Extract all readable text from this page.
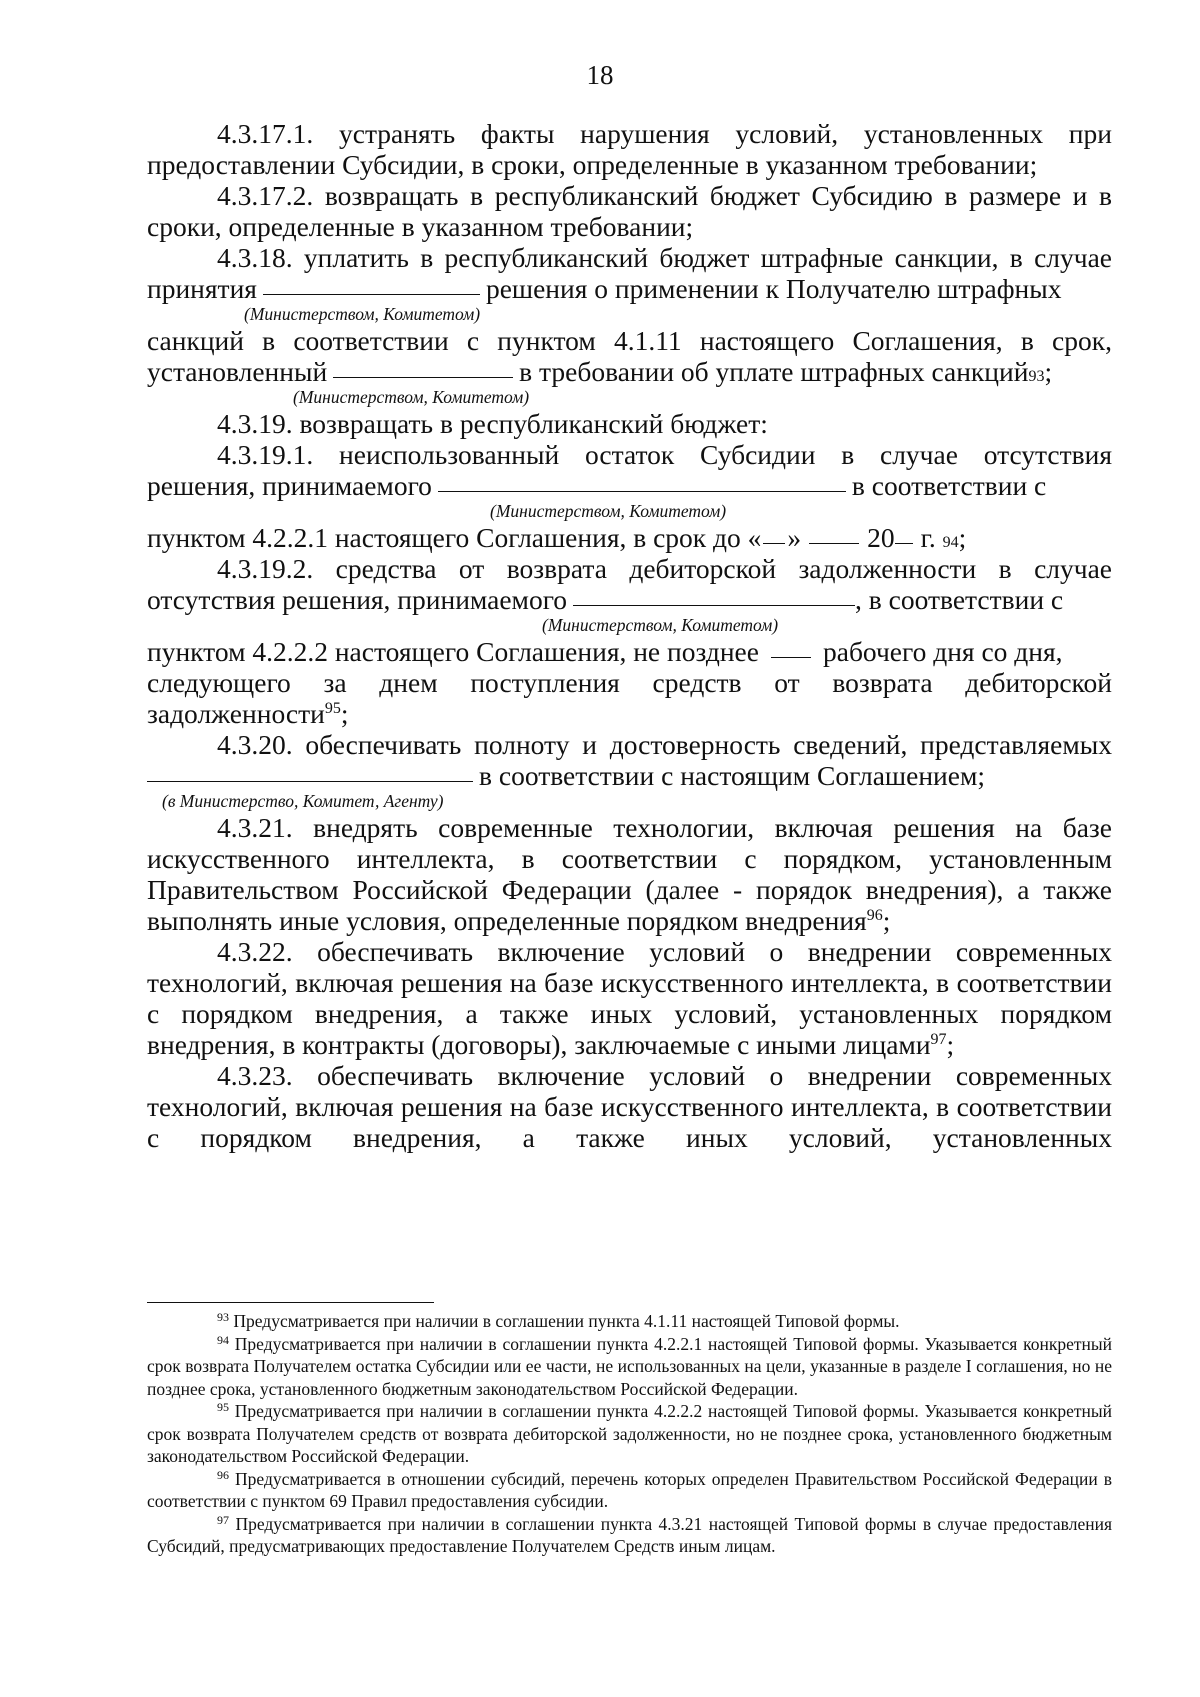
18

4.3.17.1. устранять факты нарушения условий, установленных при предоставлении Субсидии, в сроки, определенные в указанном требовании;

4.3.17.2. возвращать в республиканский бюджет Субсидию в размере и в сроки, определенные в указанном требовании;

4.3.18. уплатить в республиканский бюджет штрафные санкции, в случае

принятия	решения о применении к Получателю штрафных
(Министерством, Комитетом)

санкций в соответствии с пунктом 4.1.11 настоящего Соглашения, в срок,

установленный	в требовании об уплате штрафных санкций 93 ;
(Министерством, Комитетом)

4.3.19. возвращать в республиканский бюджет:

4.3.19.1. неиспользованный остаток Субсидии в случае отсутствия

решения, принимаемого	в соответствии с
(Министерством, Комитетом)
пунктом 4.2.2.1 настоящего Соглашения, в срок до « » 20 г.
94 ;

4.3.19.2. средства от возврата дебиторской задолженности в случае

отсутствия решения, принимаемого	, в соответствии с
(Министерством, Комитетом)
пунктом 4.2.2.2 настоящего Соглашения, не позднее рабочего дня со дня,

следующего за днем поступления средств от возврата дебиторской

задолженности$^{95}$;

4.3.20. обеспечивать полноту и достоверность сведений, представляемых

в соответствии с настоящим Соглашением;
(в Министерство, Комитет, Агенту)

4.3.21. внедрять современные технологии, включая решения на базе искусственного интеллекта, в соответствии с порядком, установленным Правительством Российской Федерации (далее - порядок внедрения), а также выполнять иные условия, определенные порядком внедрения$^{96}$;

4.3.22. обеспечивать включение условий о внедрении современных технологий, включая решения на базе искусственного интеллекта, в соответствии с порядком внедрения, а также иных условий, установленных порядком внедрения, в контракты (договоры), заключаемые с иными лицами$^{97}$;

4.3.23. обеспечивать включение условий о внедрении современных технологий, включая решения на базе искусственного интеллекта, в соответствии с порядком внедрения, а также иных условий, установленных

$^{93}$ Предусматривается при наличии в соглашении пункта 4.1.11 настоящей Типовой формы.

$^{94}$ Предусматривается при наличии в соглашении пункта 4.2.2.1 настоящей Типовой формы. Указывается конкретный срок возврата Получателем остатка Субсидии или ее части, не использованных на цели, указанные в разделе I соглашения, но не позднее срока, установленного бюджетным законодательством Российской Федерации.

$^{95}$ Предусматривается при наличии в соглашении пункта 4.2.2.2 настоящей Типовой формы. Указывается конкретный срок возврата Получателем средств от возврата дебиторской задолженности, но не позднее срока, установленного бюджетным законодательством Российской Федерации.

$^{96}$ Предусматривается в отношении субсидий, перечень которых определен Правительством Российской Федерации в соответствии с пунктом 69 Правил предоставления субсидии.

$^{97}$ Предусматривается при наличии в соглашении пункта 4.3.21 настоящей Типовой формы в случае предоставления Субсидий, предусматривающих предоставление Получателем Средств иным лицам.
